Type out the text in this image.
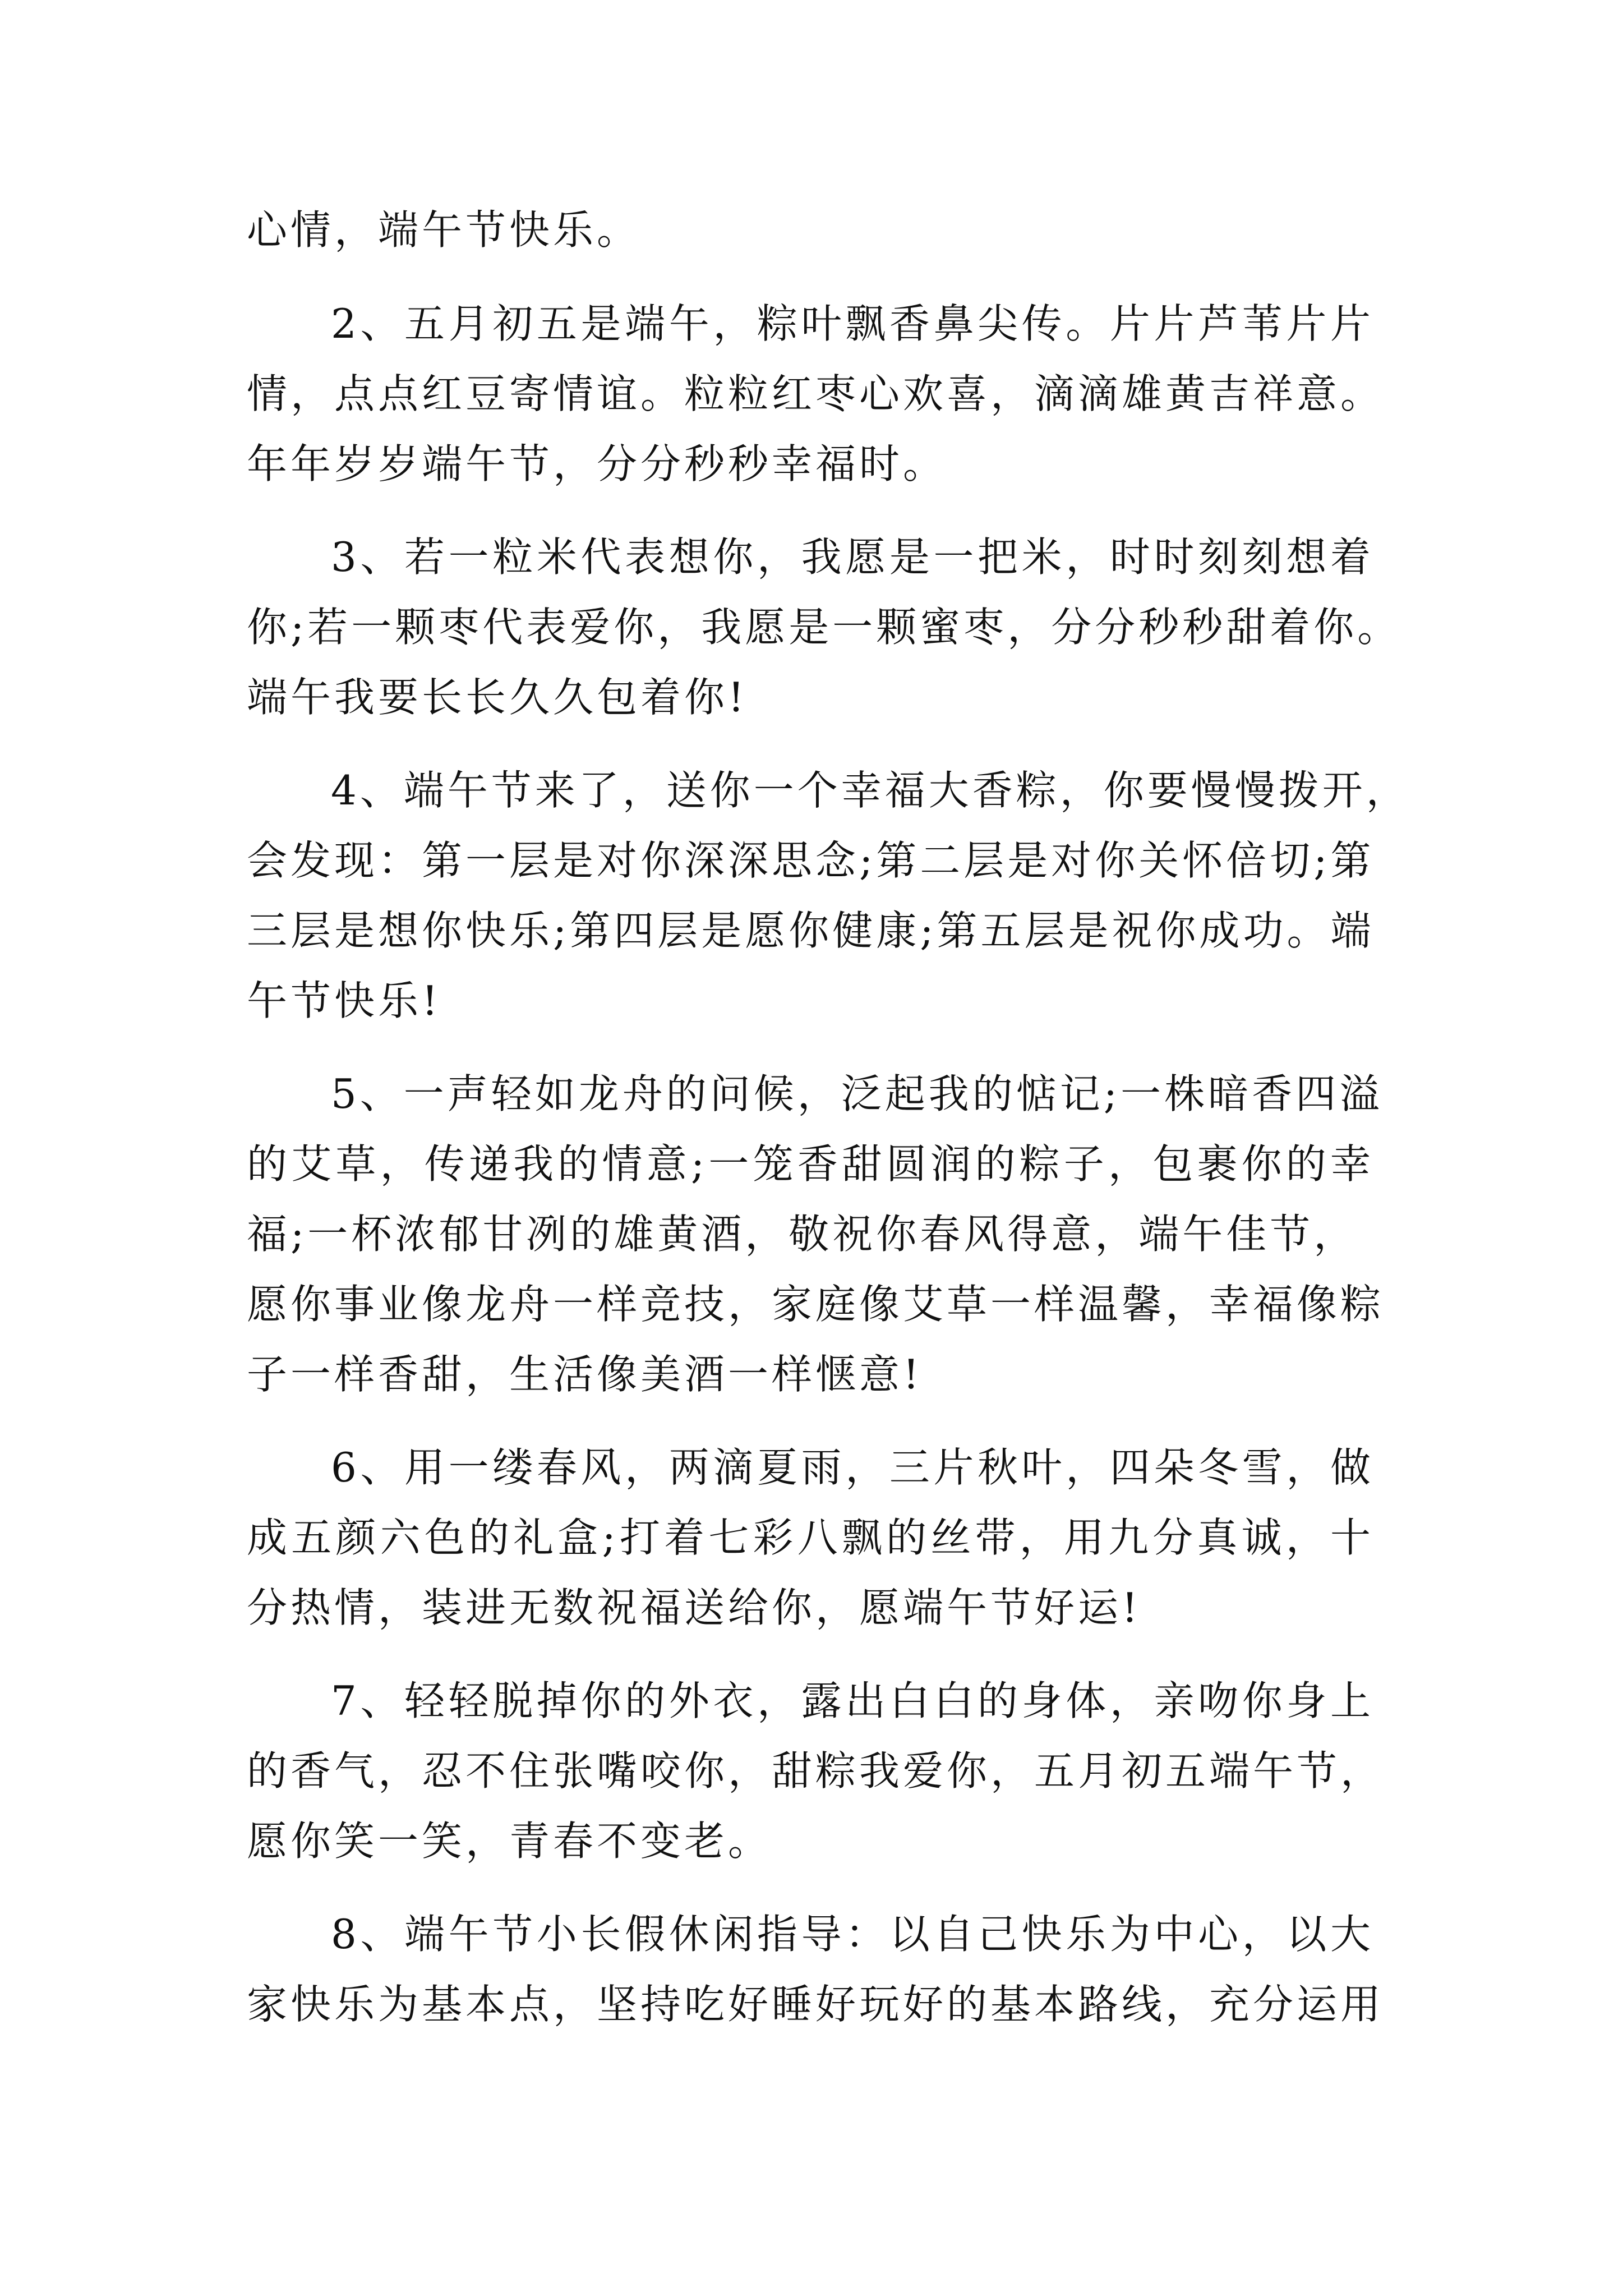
心情，端午节快乐。
2、五月初五是端午，粽叶飘香鼻尖传。片片芦苇片片
情，点点红豆寄情谊。粒粒红枣心欢喜，滴滴雄黄吉祥意。
年年岁岁端午节，分分秒秒幸福时。
3、若一粒米代表想你，我愿是一把米，时时刻刻想着
你;若一颗枣代表爱你，我愿是一颗蜜枣，分分秒秒甜着你。
端午我要长长久久包着你!
4、端午节来了，送你一个幸福大香粽，你要慢慢拨开，
会发现：第一层是对你深深思念;第二层是对你关怀倍切;第
三层是想你快乐;第四层是愿你健康;第五层是祝你成功。端
午节快乐!
5、一声轻如龙舟的问候，泛起我的惦记;一株暗香四溢
的艾草，传递我的情意;一笼香甜圆润的粽子，包裹你的幸
福;一杯浓郁甘冽的雄黄酒，敬祝你春风得意，端午佳节，
愿你事业像龙舟一样竞技，家庭像艾草一样温馨，幸福像粽
子一样香甜，生活像美酒一样惬意!
6、用一缕春风，两滴夏雨，三片秋叶，四朵冬雪，做
成五颜六色的礼盒;打着七彩八飘的丝带，用九分真诚，十
分热情，装进无数祝福送给你，愿端午节好运!
7、轻轻脱掉你的外衣，露出白白的身体，亲吻你身上
的香气，忍不住张嘴咬你，甜粽我爱你，五月初五端午节，
愿你笑一笑，青春不变老。
8、端午节小长假休闲指导：以自己快乐为中心，以大
家快乐为基本点，坚持吃好睡好玩好的基本路线，充分运用
